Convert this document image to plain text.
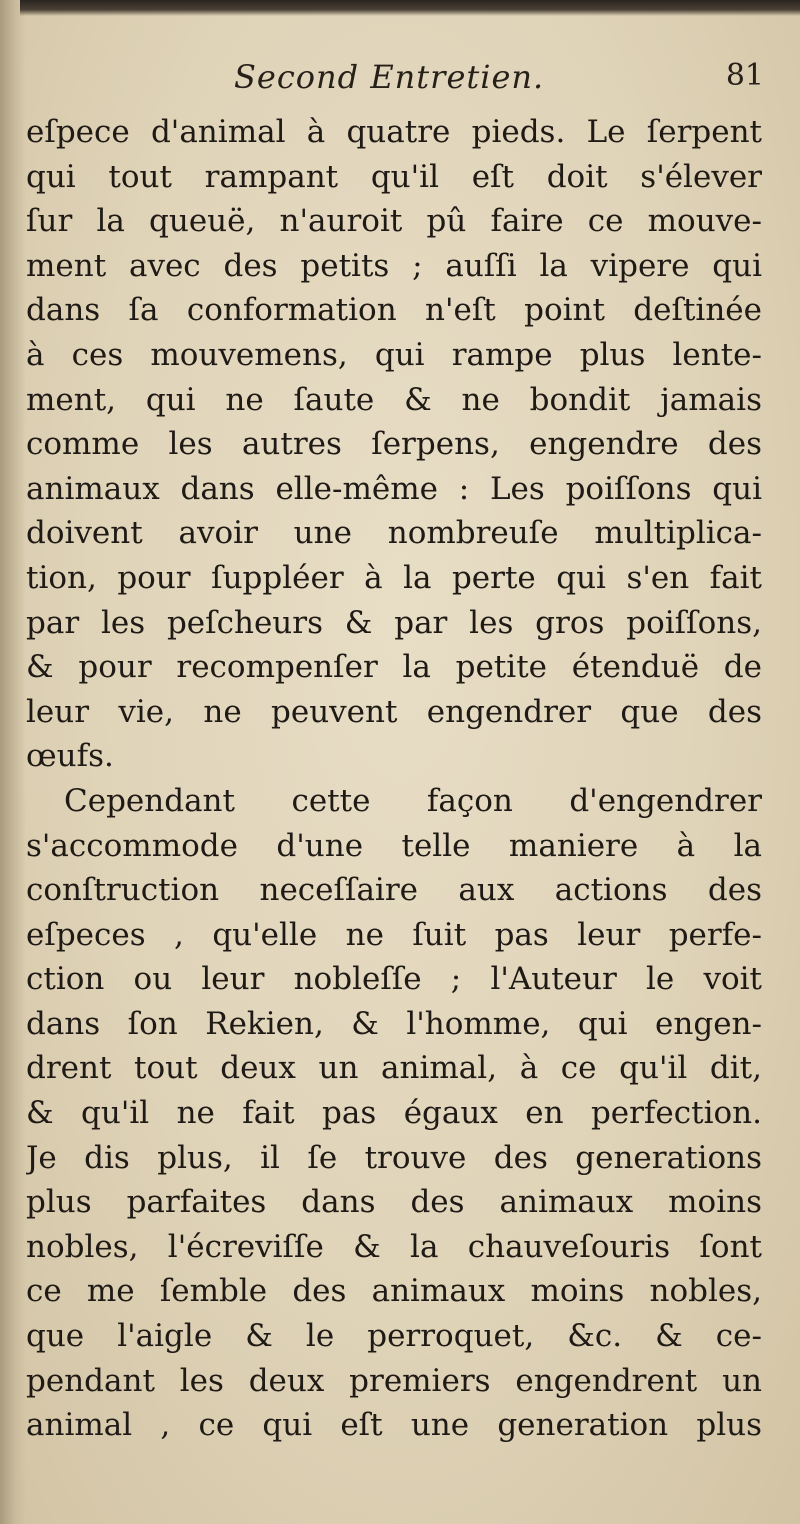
Second Entretien.	81
eſpece d'animal à quatre pieds. Le ſerpent
qui tout rampant qu'il eſt doit s'élever
ſur la queuë, n'auroit pû faire ce mouve-
ment avec des petits ; auſſi la vipere qui
dans ſa conformation n'eſt point deſtinée
à ces mouvemens, qui rampe plus lente-
ment, qui ne ſaute & ne bondit jamais
comme les autres ſerpens, engendre des
animaux dans elle-même : Les poiſſons qui
doivent avoir une nombreuſe multiplica-
tion, pour ſuppléer à la perte qui s'en fait
par les peſcheurs & par les gros poiſſons,
& pour recompenſer la petite étenduë de
leur vie, ne peuvent engendrer que des
œufs.
Cependant cette façon d'engendrer
s'accommode d'une telle maniere à la
conſtruction neceſſaire aux actions des
eſpeces , qu'elle ne ſuit pas leur perfe-
ction ou leur nobleſſe ; l'Auteur le voit
dans ſon Rekien, & l'homme, qui engen-
drent tout deux un animal, à ce qu'il dit,
& qu'il ne fait pas égaux en perfection.
Je dis plus, il ſe trouve des generations
plus parfaites dans des animaux moins
nobles, l'écreviſſe & la chauveſouris ſont
ce me ſemble des animaux moins nobles,
que l'aigle & le perroquet, &c. & ce-
pendant les deux premiers engendrent un
animal , ce qui eſt une generation plus
